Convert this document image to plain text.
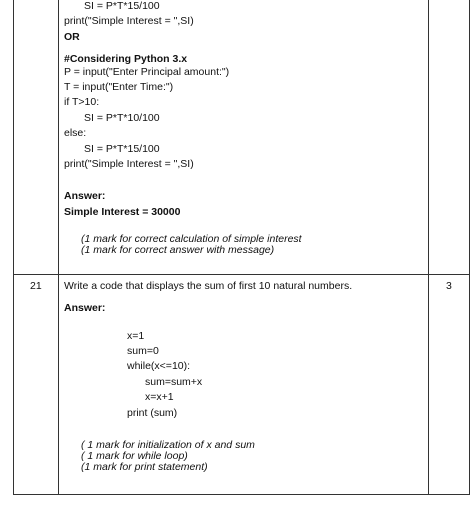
SI = P*T*15/100
print("Simple Interest = ",SI)
OR
#Considering Python 3.x
P = input("Enter Principal amount:")
T = input("Enter Time:")
if T>10:
SI = P*T*10/100
else:
SI = P*T*15/100
print("Simple Interest = ",SI)
Answer:
Simple Interest = 30000
(1 mark for correct calculation of simple interest
(1 mark for correct answer with message)
21 Write a code that displays the sum of first 10 natural numbers.	3
Answer:
x=1
sum=0
while(x<=10):
sum=sum+x
x=x+1
print (sum)
( 1 mark for initialization of x and sum
( 1 mark for while loop)
(1 mark for print statement)
